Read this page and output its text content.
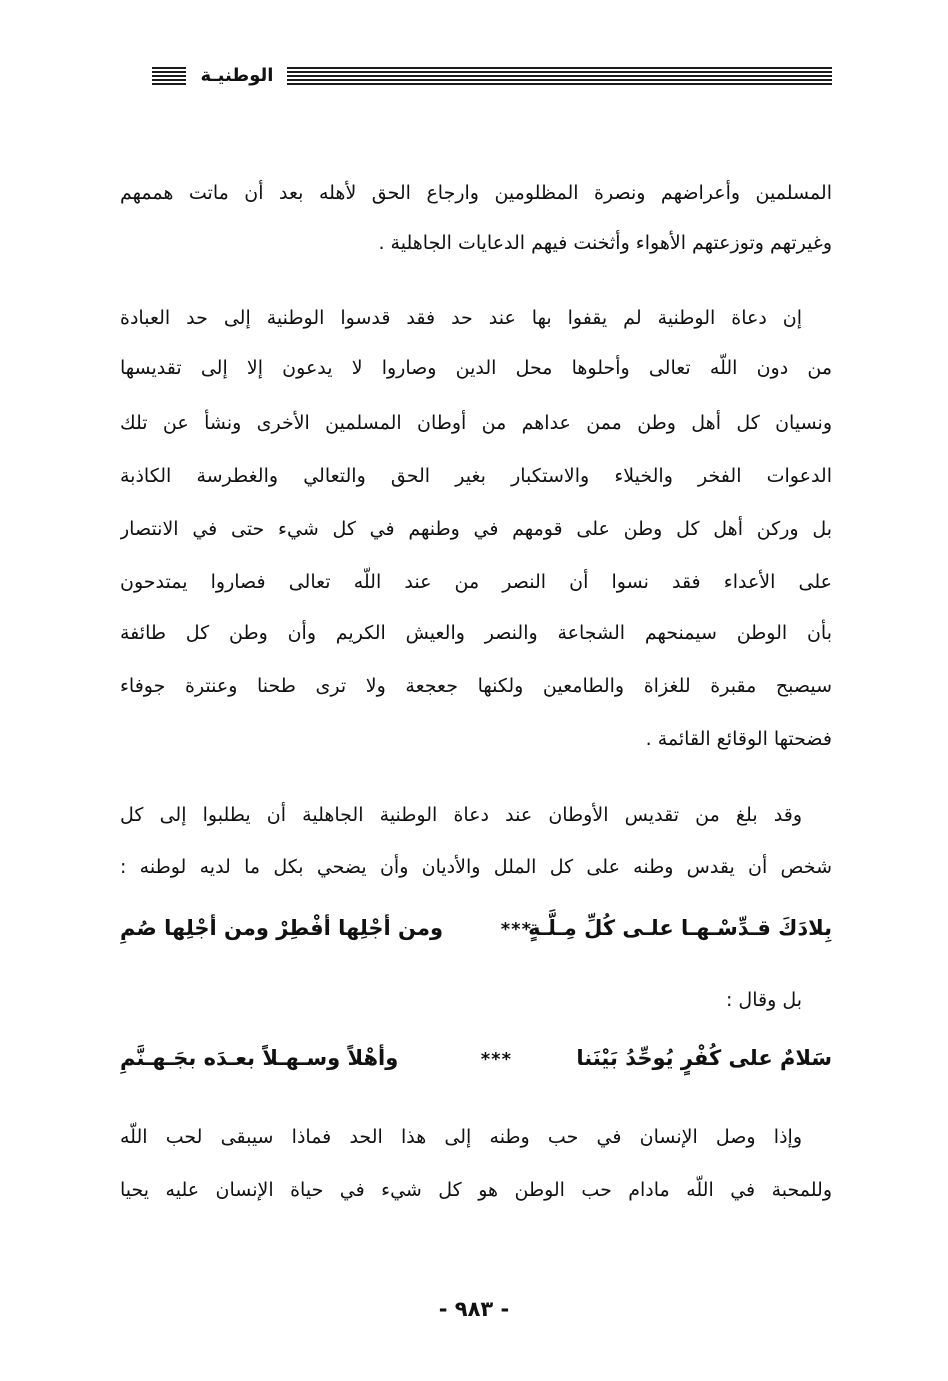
الوطنيـة
المسلمين وأعراضهم ونصرة المظلومين وارجاع الحق لأهله بعد أن ماتت هممهم
وغيرتهم وتوزعتهم الأهواء وأثخنت فيهم الدعايات الجاهلية .
إن دعاة الوطنية لم يقفوا بها عند حد فقد قدسوا الوطنية إلى حد العبادة
من دون اللّه تعالى وأحلوها محل الدين وصاروا لا يدعون إلا إلى تقديسها
ونسيان كل أهل وطن ممن عداهم من أوطان المسلمين الأخرى ونشأ عن تلك
الدعوات الفخر والخيلاء والاستكبار بغير الحق والتعالي والغطرسة الكاذبة
بل وركن أهل كل وطن على قومهم في وطنهم في كل شيء حتى في الانتصار
على الأعداء فقد نسوا أن النصر من عند اللّه تعالى فصاروا يمتدحون
بأن الوطن سيمنحهم الشجاعة والنصر والعيش الكريم وأن وطن كل طائفة
سيصبح مقبرة للغزاة والطامعين ولكنها جعجعة ولا ترى طحنا وعنترة جوفاء
فضحتها الوقائع القائمة .
وقد بلغ من تقديس الأوطان عند دعاة الوطنية الجاهلية أن يطلبوا إلى كل
شخص أن يقدس وطنه على كل الملل والأديان وأن يضحي بكل ما لديه لوطنه :
بِلادَكَ قـدِّسْـهـا علـى كُلِّ مِـلَّـةٍ
***
ومن أجْلِها أفْطِرْ ومن أجْلِها صُمِ
بل وقال :
سَلامٌ على كُفْرٍ يُوحِّدُ بَيْنَنا
***
وأهْلاً وسـهـلاً بعـدَه بجَـهـنَّمِ
وإذا وصل الإنسان في حب وطنه إلى هذا الحد فماذا سيبقى لحب اللّه
وللمحبة في اللّه مادام حب الوطن هو كل شيء في حياة الإنسان عليه يحيا
- ٩٨٣ -
